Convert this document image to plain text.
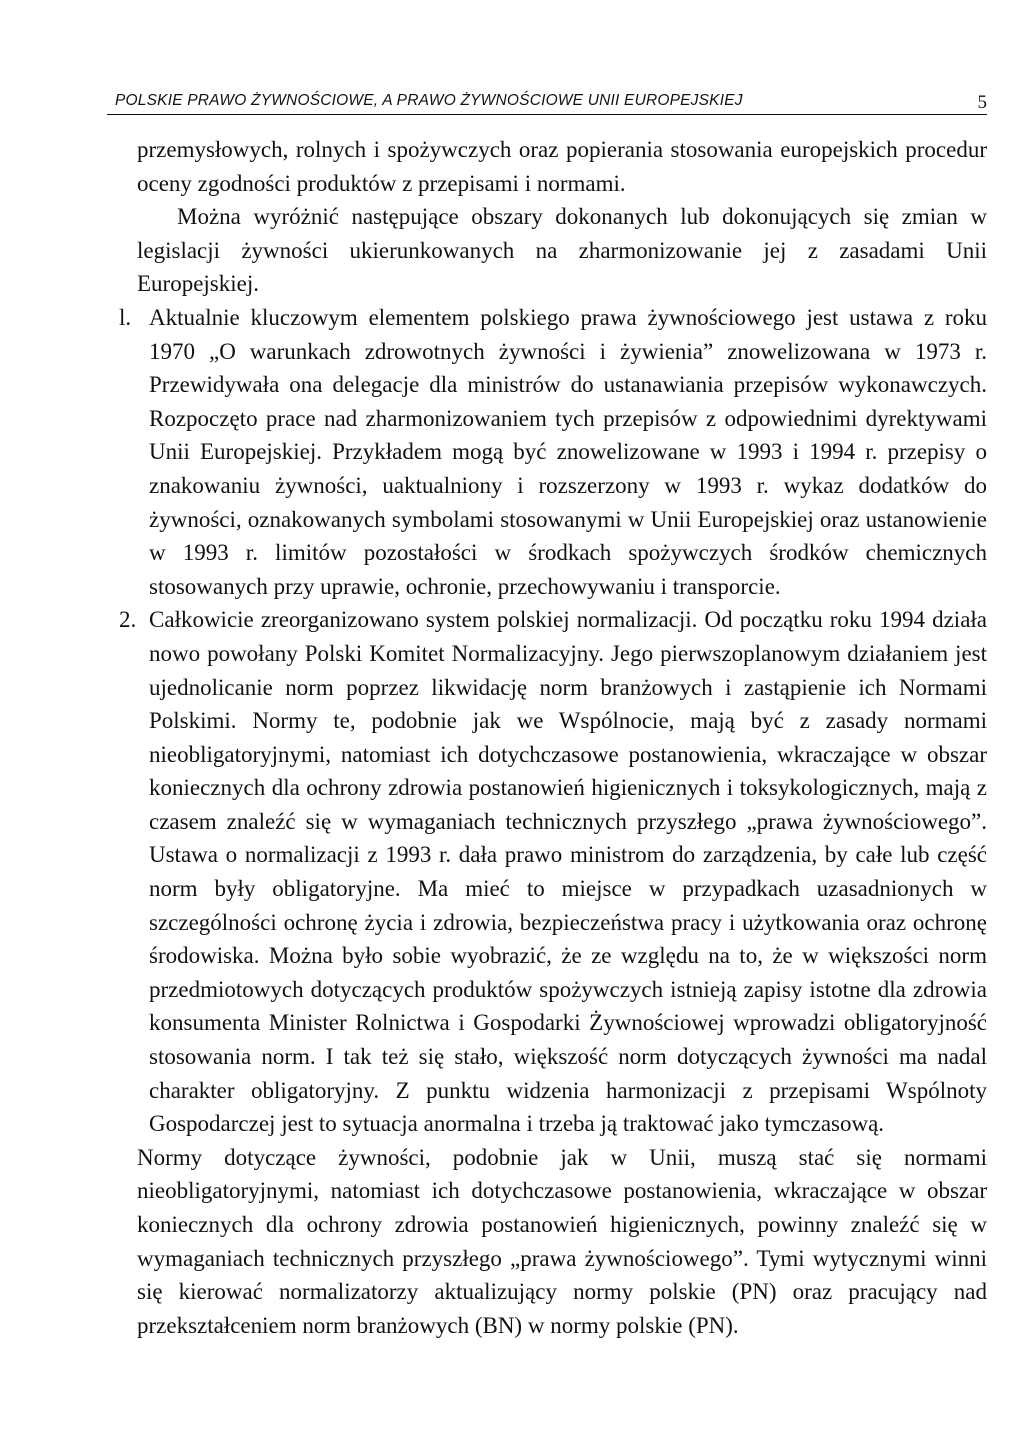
POLSKIE PRAWO ŻYWNOŚCIOWE, A PRAWO ŻYWNOŚCIOWE UNII EUROPEJSKIEJ	5

przemysłowych, rolnych i spożywczych oraz popierania stosowania europejskich procedur oceny zgodności produktów z przepisami i normami.

Można wyróżnić następujące obszary dokonanych lub dokonujących się zmian w legislacji żywności ukierunkowanych na zharmonizowanie jej z zasadami Unii Europejskiej.

l. Aktualnie kluczowym elementem polskiego prawa żywnościowego jest ustawa z roku 1970 „O warunkach zdrowotnych żywności i żywienia” znowelizowana w 1973 r. Przewidywała ona delegacje dla ministrów do ustanawiania przepisów wykonawczych. Rozpoczęto prace nad zharmonizowaniem tych przepisów z odpowiednimi dyrektywami Unii Europejskiej. Przykładem mogą być znowelizowane w 1993 i 1994 r. przepisy o znakowaniu żywności, uaktualniony i rozszerzony w 1993 r. wykaz dodatków do żywności, oznakowanych symbolami stosowanymi w Unii Europejskiej oraz ustanowienie w 1993 r. limitów pozostałości w środkach spożywczych środków chemicznych stosowanych przy uprawie, ochronie, przechowywaniu i transporcie.

2. Całkowicie zreorganizowano system polskiej normalizacji. Od początku roku 1994 działa nowo powołany Polski Komitet Normalizacyjny. Jego pierwszoplanowym działaniem jest ujednolicanie norm poprzez likwidację norm branżowych i zastąpienie ich Normami Polskimi. Normy te, podobnie jak we Wspólnocie, mają być z zasady normami nieobligatoryjnymi, natomiast ich dotychczasowe postanowienia, wkraczające w obszar koniecznych dla ochrony zdrowia postanowień higienicznych i toksykologicznych, mają z czasem znaleźć się w wymaganiach technicznych przyszłego „prawa żywnościowego”. Ustawa o normalizacji z 1993 r. dała prawo ministrom do zarządzenia, by całe lub część norm były obligatoryjne. Ma mieć to miejsce w przypadkach uzasadnionych w szczególności ochronę życia i zdrowia, bezpieczeństwa pracy i użytkowania oraz ochronę środowiska. Można było sobie wyobrazić, że ze względu na to, że w większości norm przedmiotowych dotyczących produktów spożywczych istnieją zapisy istotne dla zdrowia konsumenta Minister Rolnictwa i Gospodarki Żywnościowej wprowadzi obligatoryjność stosowania norm. I tak też się stało, większość norm dotyczących żywności ma nadal charakter obligatoryjny. Z punktu widzenia harmonizacji z przepisami Wspólnoty Gospodarczej jest to sytuacja anormalna i trzeba ją traktować jako tymczasową.

Normy dotyczące żywności, podobnie jak w Unii, muszą stać się normami nieobligatoryjnymi, natomiast ich dotychczasowe postanowienia, wkraczające w obszar koniecznych dla ochrony zdrowia postanowień higienicznych, powinny znaleźć się w wymaganiach technicznych przyszłego „prawa żywnościowego”. Tymi wytycznymi winni się kierować normalizatorzy aktualizujący normy polskie (PN) oraz pracujący nad przekształceniem norm branżowych (BN) w normy polskie (PN).
